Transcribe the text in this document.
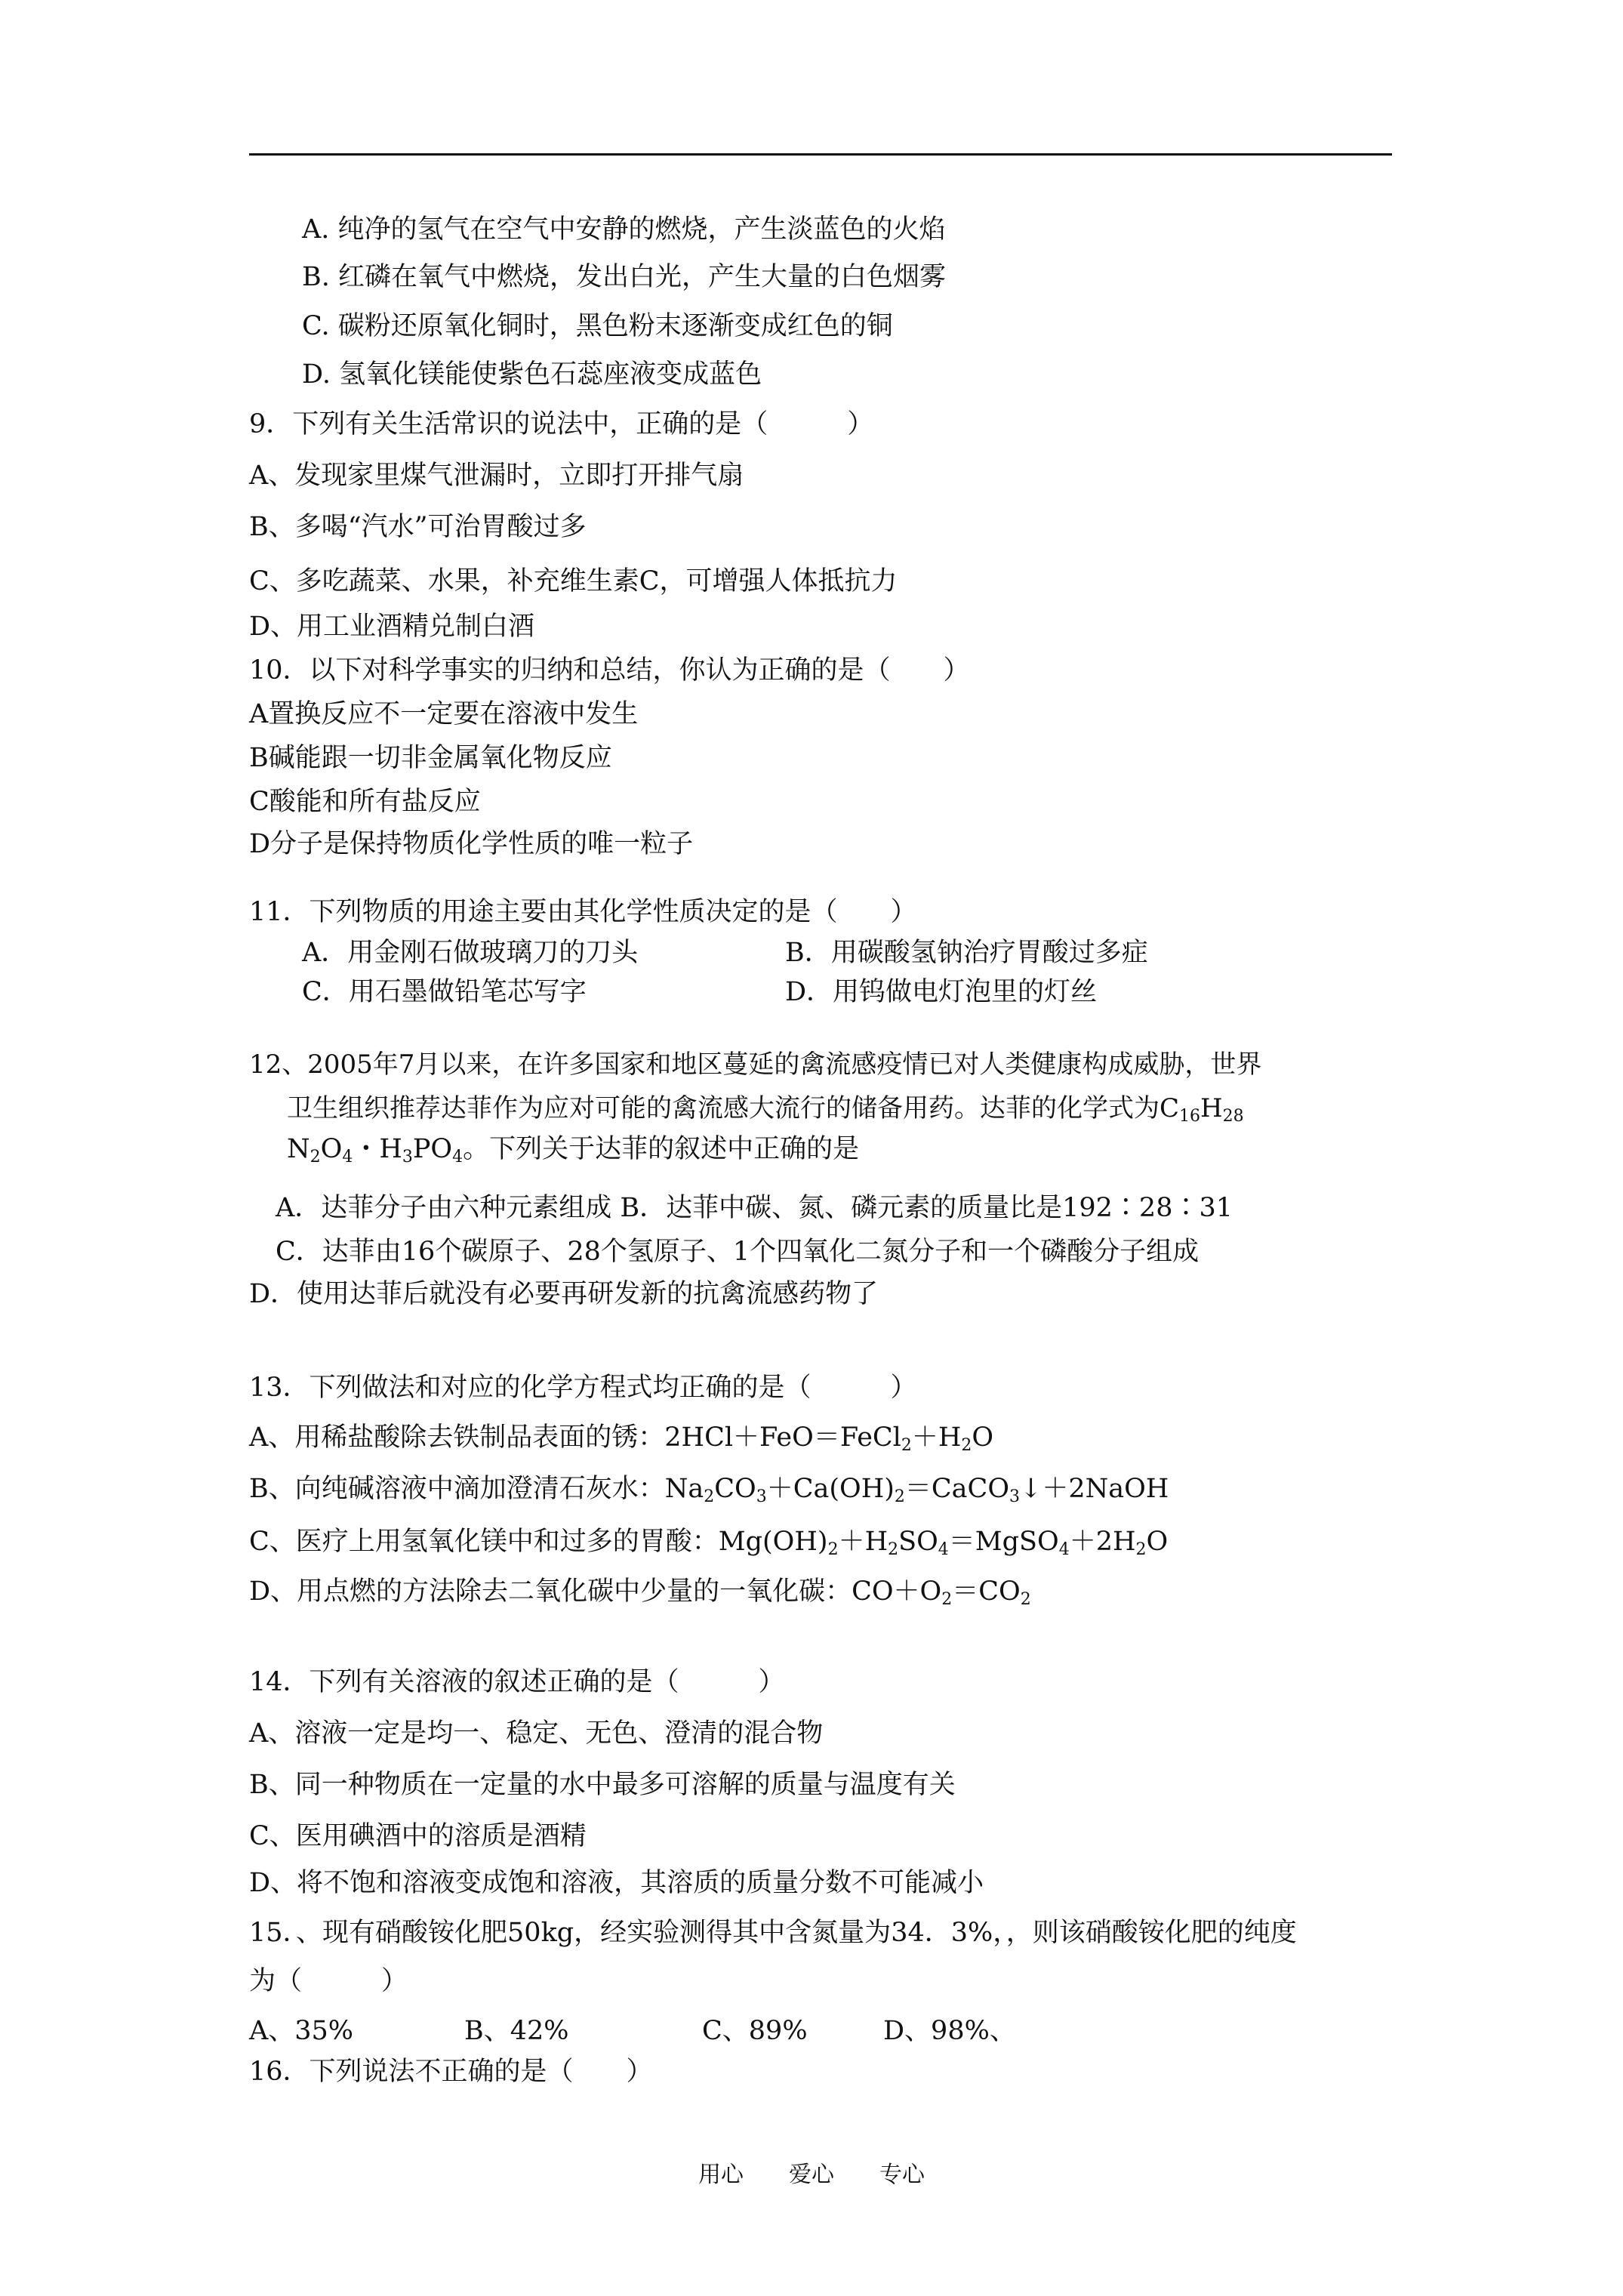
A. 纯净的氢气在空气中安静的燃烧，产生淡蓝色的火焰
B. 红磷在氧气中燃烧，发出白光，产生大量的白色烟雾
C. 碳粉还原氧化铜时，黑色粉末逐渐变成红色的铜
D. 氢氧化镁能使紫色石蕊座液变成蓝色
9．下列有关生活常识的说法中，正确的是（　　　）
A、发现家里煤气泄漏时，立即打开排气扇
B、多喝“汽水”可治胃酸过多
C、多吃蔬菜、水果，补充维生素C，可增强人体抵抗力
D、用工业酒精兑制白酒
10．以下对科学事实的归纳和总结，你认为正确的是（　　）
A置换反应不一定要在溶液中发生
B碱能跟一切非金属氧化物反应
C酸能和所有盐反应
D分子是保持物质化学性质的唯一粒子
11．下列物质的用途主要由其化学性质决定的是（　　）
A．用金刚石做玻璃刀的刀头	B．用碳酸氢钠治疗胃酸过多症
C．用石墨做铅笔芯写字	D．用钨做电灯泡里的灯丝
12、2005年7月以来，在许多国家和地区蔓延的禽流感疫情已对人类健康构成威胁，世界
卫生组织推荐达菲作为应对可能的禽流感大流行的储备用药。达菲的化学式为$C_{16}H_{28}$
$N_2O_4$・$H_3PO_4$。下列关于达菲的叙述中正确的是
A．达菲分子由六种元素组成 B．达菲中碳、氮、磷元素的质量比是192∶28∶31
C．达菲由16个碳原子、28个氢原子、1个四氧化二氮分子和一个磷酸分子组成
D．使用达菲后就没有必要再研发新的抗禽流感药物了
13．下列做法和对应的化学方程式均正确的是（　　　）
A、用稀盐酸除去铁制品表面的锈：$2HCl+FeO=FeCl_2+H_2O$
B、向纯碱溶液中滴加澄清石灰水：$Na_2CO_3+Ca(OH)_2=CaCO_3↓+2NaOH$
C、医疗上用氢氧化镁中和过多的胃酸：$Mg(OH)_2+H_2SO_4=MgSO_4+2H_2O$
D、用点燃的方法除去二氧化碳中少量的一氧化碳：$CO+O_2=CO_2$
14．下列有关溶液的叙述正确的是（　　　）
A、溶液一定是均一、稳定、无色、澄清的混合物
B、同一种物质在一定量的水中最多可溶解的质量与温度有关
C、医用碘酒中的溶质是酒精
D、将不饱和溶液变成饱和溶液，其溶质的质量分数不可能减小
15．、现有硝酸铵化肥50kg，经实验测得其中含氮量为34．3%，，则该硝酸铵化肥的纯度
为（　　　）
A、35%	B、42%	C、89%	D、98%、
16．下列说法不正确的是（　　）
用心　　爱心　　专心
